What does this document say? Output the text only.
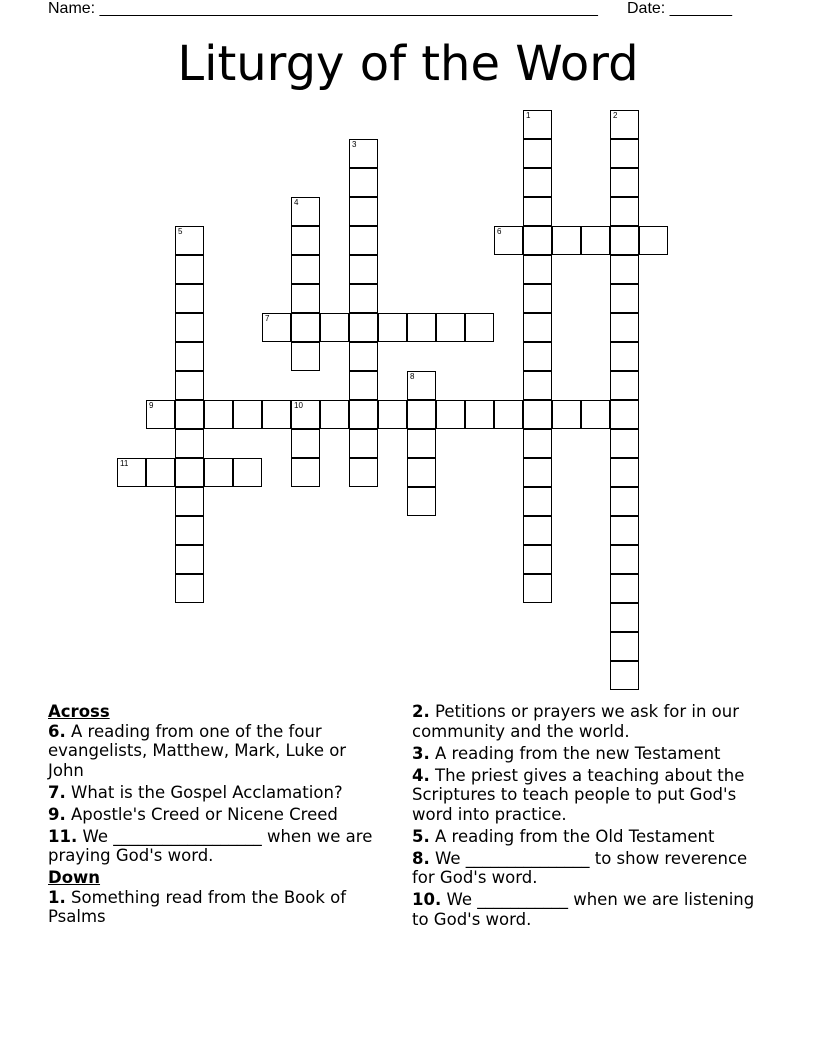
Name: ________________________________________________________ Date: _______
Liturgy of the Word
1	2
3
4
5	6
7
8
9	10
11

Across

6. A reading from one of the four evangelists, Matthew, Mark, Luke or John

7. What is the Gospel Acclamation?

9. Apostle's Creed or Nicene Creed

11. We __________________ when we are praying God's word.

Down

1. Something read from the Book of Psalms

2. Petitions or prayers we ask for in our community and the world.

3. A reading from the new Testament

4. The priest gives a teaching about the Scriptures to teach people to put God's word into practice.

5. A reading from the Old Testament

8. We _______________ to show reverence for God's word.

10. We ___________ when we are listening to God's word.
